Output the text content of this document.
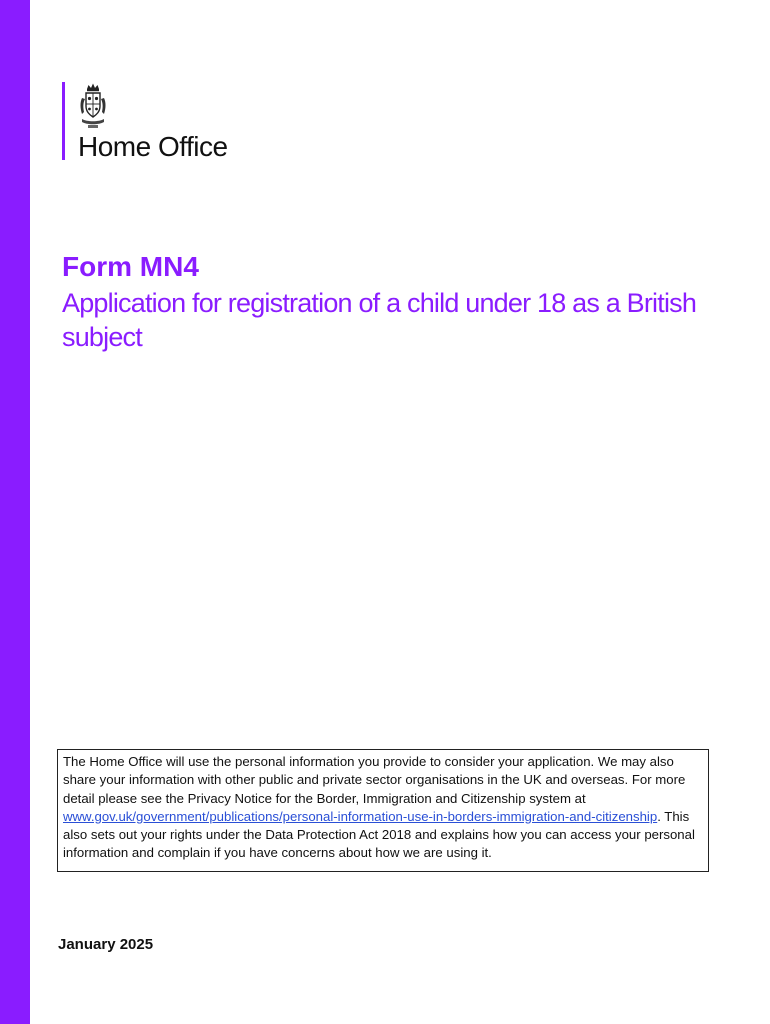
Home Office
Form MN4
Application for registration of a child under 18 as a British subject
The Home Office will use the personal information you provide to consider your application. We may also share your information with other public and private sector organisations in the UK and overseas. For more detail please see the Privacy Notice for the Border, Immigration and Citizenship system at www.gov.uk/government/publications/personal-information-use-in-borders-immigration-and-citizenship. This also sets out your rights under the Data Protection Act 2018 and explains how you can access your personal information and complain if you have concerns about how we are using it.
January 2025
